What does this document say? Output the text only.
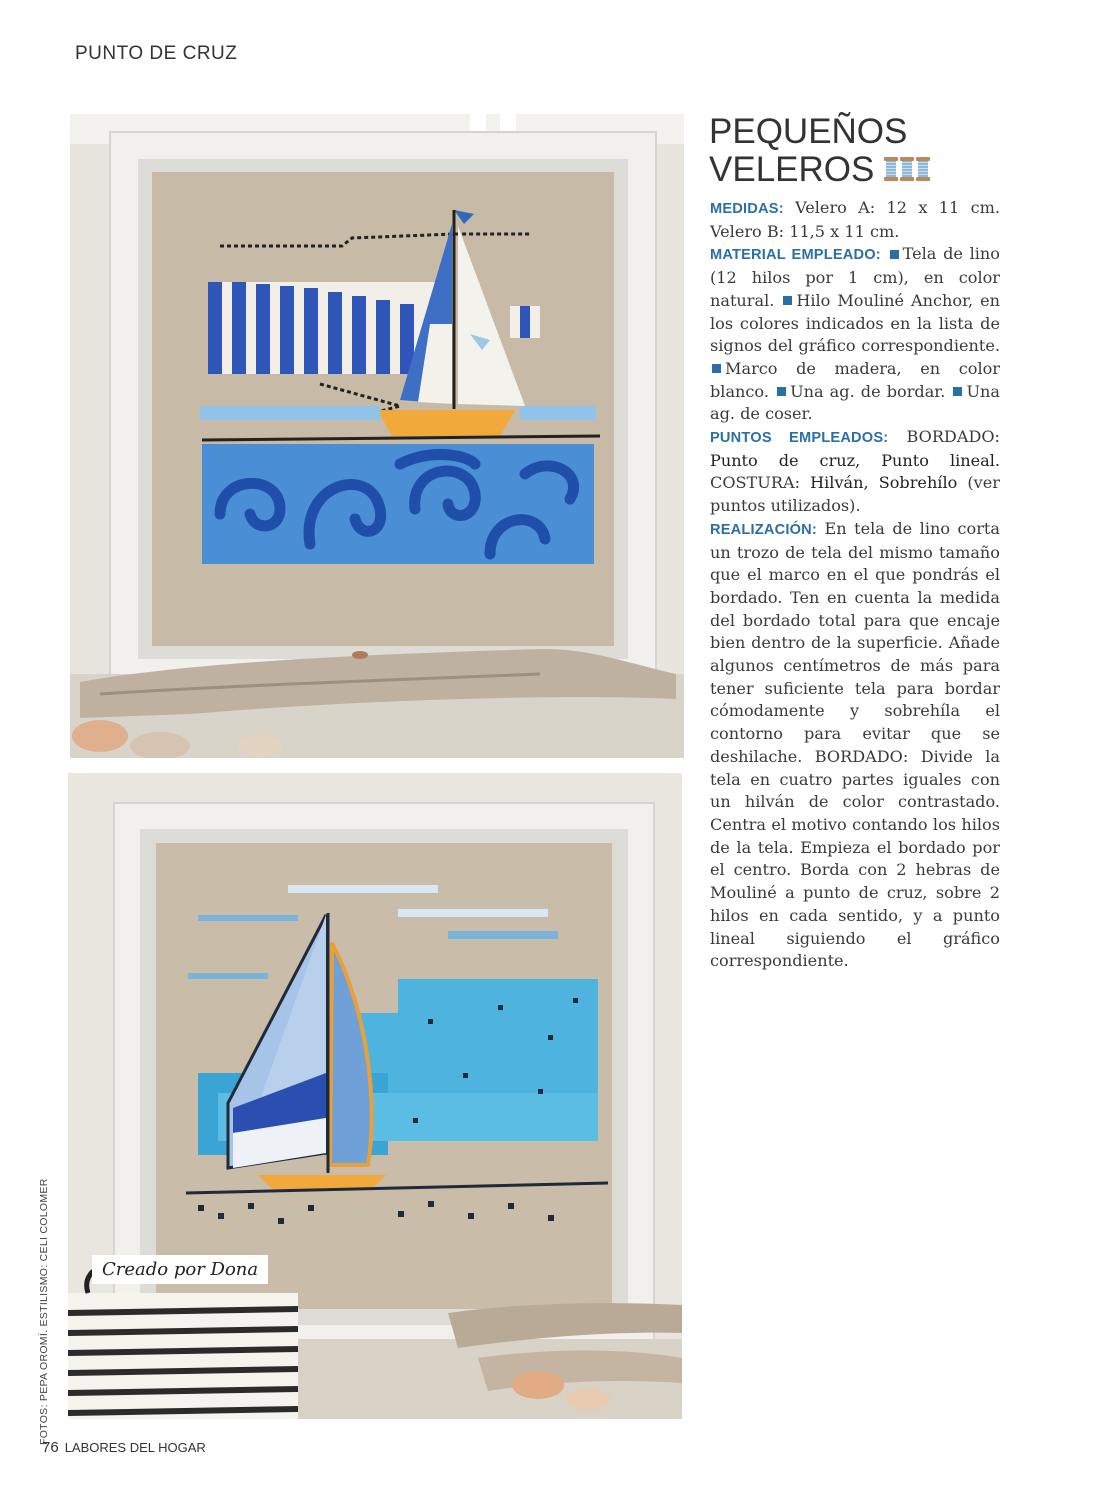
PUNTO DE CRUZ
Creado por Dona
FOTOS: PEPA OROMÍ. ESTILISMO: CELI COLOMER
PEQUEÑOS
VELEROS

MEDIDAS: Velero A: 12 x 11 cm. Velero B: 11,5 x 11 cm.

MATERIAL EMPLEADO: Tela de lino (12 hilos por 1 cm), en color natural. Hilo Mouliné Anchor, en los colores indicados en la lista de signos del gráfico correspondiente. Marco de madera, en color blanco. Una ag. de bordar. Una ag. de coser.

PUNTOS EMPLEADOS: BORDADO: Punto de cruz, Punto lineal. COSTURA: Hilván, Sobrehílo (ver puntos utilizados).

REALIZACIÓN: En tela de lino corta un trozo de tela del mismo tamaño que el marco en el que pondrás el bordado. Ten en cuenta la medida del bordado total para que encaje bien dentro de la superficie. Añade algunos centímetros de más para tener suficiente tela para bordar cómodamente y sobrehíla el contorno para evitar que se deshilache. BORDADO: Divide la tela en cuatro partes iguales con un hilván de color contrastado. Centra el motivo contando los hilos de la tela. Empieza el bordado por el centro. Borda con 2 hebras de Mouliné a punto de cruz, sobre 2 hilos en cada sentido, y a punto lineal siguiendo el gráfico correspondiente.

76 LABORES DEL HOGAR
